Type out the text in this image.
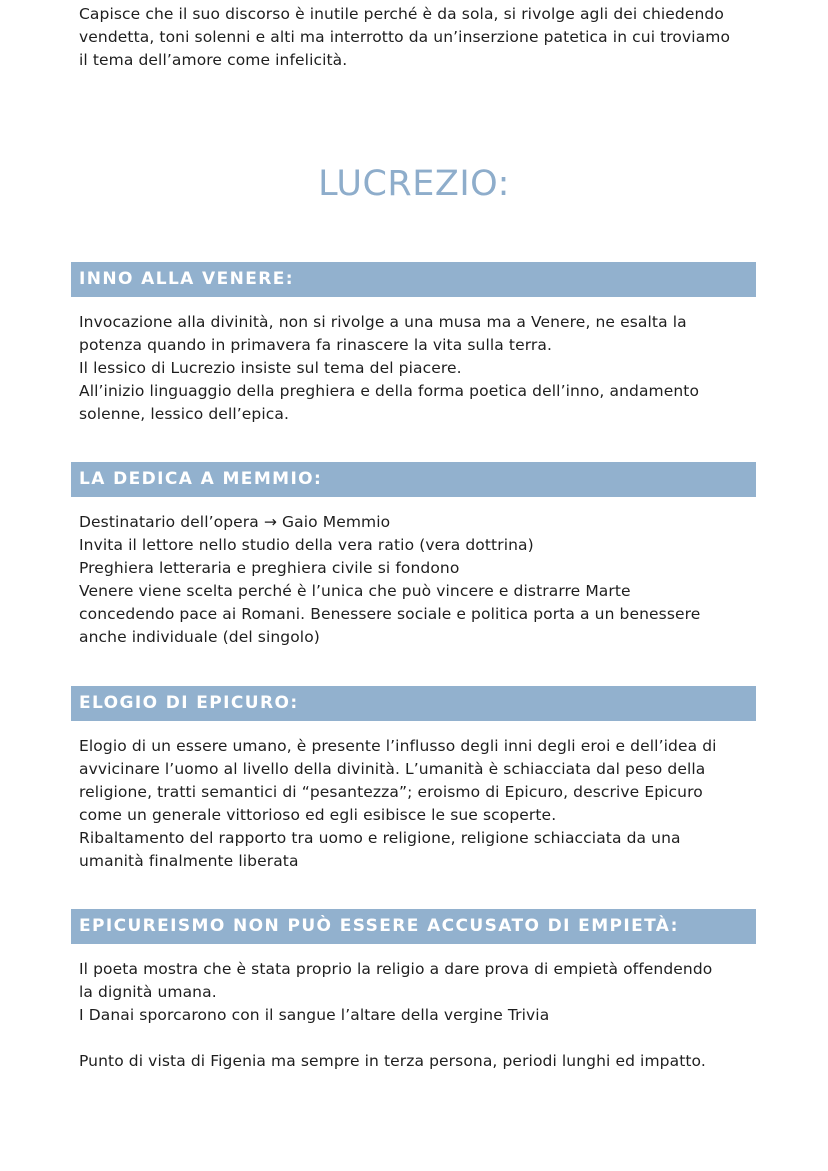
Capisce che il suo discorso è inutile perché è da sola, si rivolge agli dei chiedendo
vendetta, toni solenni e alti ma interrotto da un’inserzione patetica in cui troviamo
il tema dell’amore come infelicità.

LUCREZIO:
INNO ALLA VENERE:

Invocazione alla divinità, non si rivolge a una musa ma a Venere, ne esalta la
potenza quando in primavera fa rinascere la vita sulla terra.
Il lessico di Lucrezio insiste sul tema del piacere.
All’inizio linguaggio della preghiera e della forma poetica dell’inno, andamento
solenne, lessico dell’epica.

LA DEDICA A MEMMIO:

Destinatario dell’opera → Gaio Memmio
Invita il lettore nello studio della vera ratio (vera dottrina)
Preghiera letteraria e preghiera civile si fondono
Venere viene scelta perché è l’unica che può vincere e distrarre Marte
concedendo pace ai Romani. Benessere sociale e politica porta a un benessere
anche individuale (del singolo)

ELOGIO DI EPICURO:

Elogio di un essere umano, è presente l’influsso degli inni degli eroi e dell’idea di
avvicinare l’uomo al livello della divinità. L’umanità è schiacciata dal peso della
religione, tratti semantici di “pesantezza”; eroismo di Epicuro, descrive Epicuro
come un generale vittorioso ed egli esibisce le sue scoperte.
Ribaltamento del rapporto tra uomo e religione, religione schiacciata da una
umanità finalmente liberata

EPICUREISMO NON PUÒ ESSERE ACCUSATO DI EMPIETÀ:

Il poeta mostra che è stata proprio la religio a dare prova di empietà offendendo
la dignità umana.
I Danai sporcarono con il sangue l’altare della vergine Trivia

Punto di vista di Figenia ma sempre in terza persona, periodi lunghi ed impatto.
